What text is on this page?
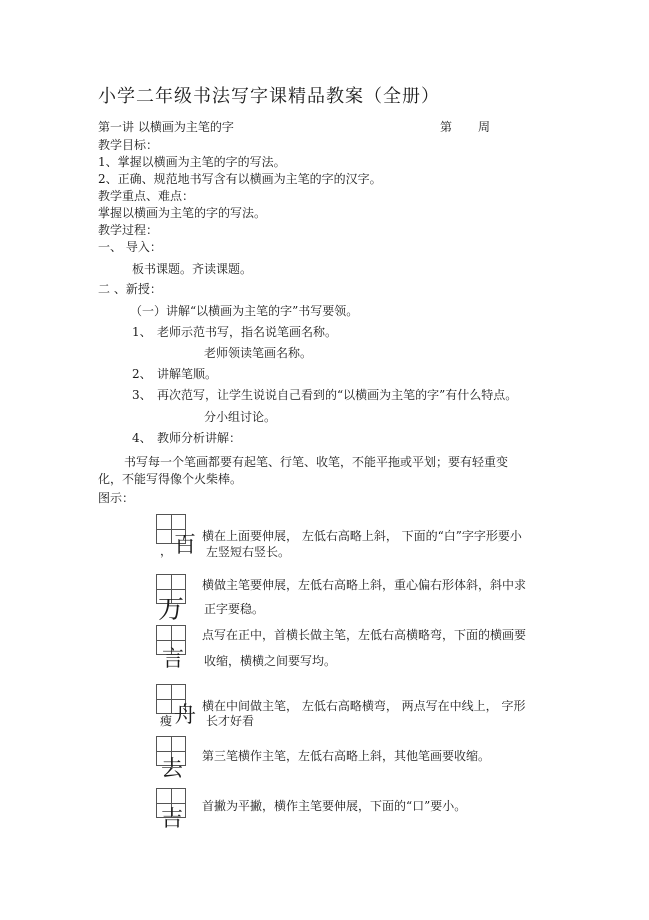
小学二年级书法写字课精品教案（全册）
第一讲 以横画为主笔的字	第 周
教学目标：
1、掌握以横画为主笔的字的写法。
2、正确、规范地书写含有以横画为主笔的字的汉字。
教学重点、难点：
掌握以横画为主笔的字的写法。
教学过程：
一、 导入：
板书课题。齐读课题。
二 、新授：
（一）讲解“以横画为主笔的字”书写要领。
1、 老师示范书写，指名说笔画名称。
老师领读笔画名称。
2、 讲解笔顺。
3、 再次范写，让学生说说自己看到的“以横画为主笔的字”有什么特点。
分小组讨论。
4、 教师分析讲解：
书写每一个笔画都要有起笔、行笔、收笔，不能平拖或平划；要有轻重变
化，不能写得像个火柴棒。
图示：
， 百 横在上面要伸展， 左低右高略上斜， 下面的“白”字字形要小
左竖短右竖长。
万
横做主笔要伸展，左低右高略上斜，重心偏右形体斜，斜中求
正字要稳。
言
点写在正中，首横长做主笔，左低右高横略弯，下面的横画要
收缩，横横之间要写均。
瘦 舟 横在中间做主笔， 左低右高略横弯， 两点写在中线上， 字形
长才好看
去
第三笔横作主笔，左低右高略上斜，其他笔画要收缩。
吉
首撇为平撇，横作主笔要伸展，下面的“口”要小。
